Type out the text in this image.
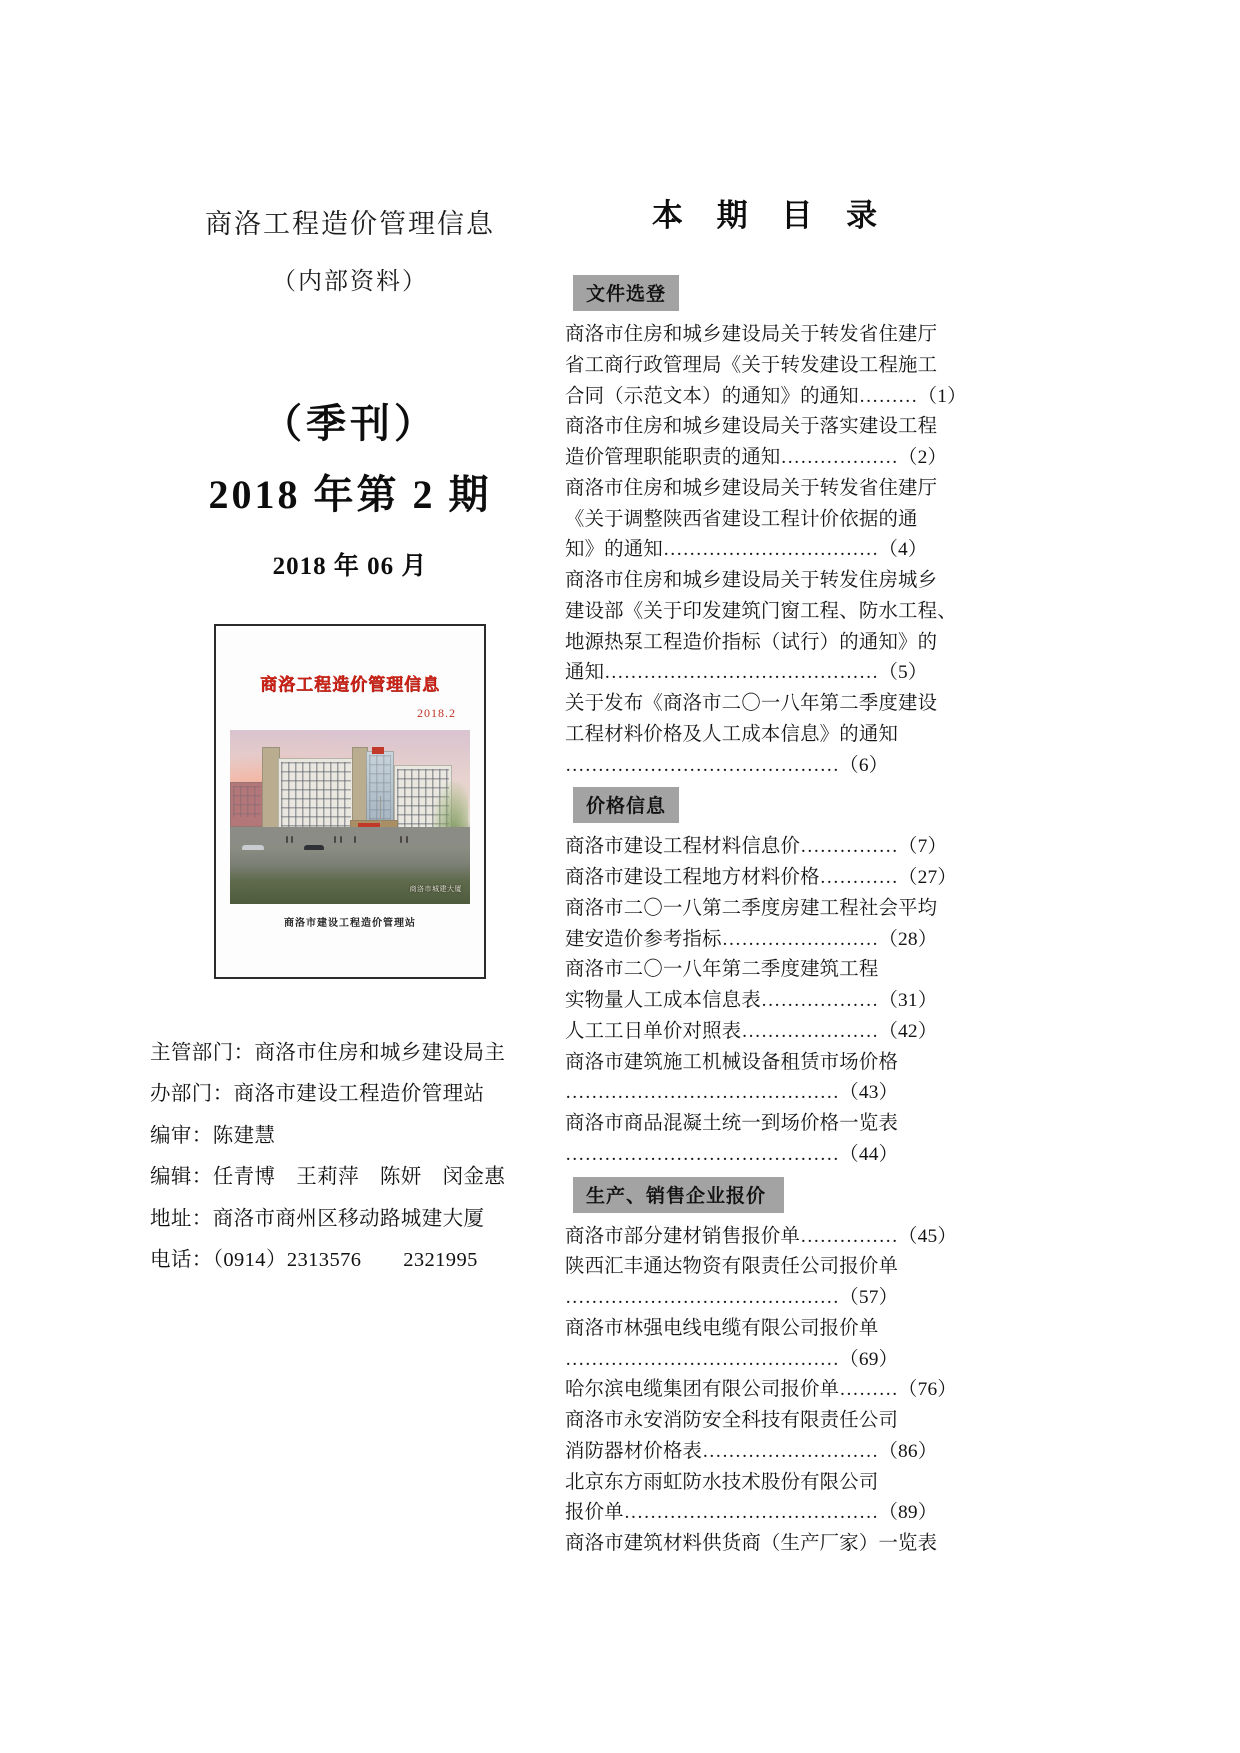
商洛工程造价管理信息
（内部资料）
（季刊）
2018 年第 2 期
2018 年 06 月
商洛工程造价管理信息
2018.2
商洛市城建大厦
商洛市建设工程造价管理站
主管部门：商洛市住房和城乡建设局主
办部门：商洛市建设工程造价管理站
编审：陈建慧
编辑：任青博　王莉萍　陈妍　闵金惠
地址：商洛市商州区移动路城建大厦
电话：（0914）2313576　　2321995
本 期 目 录
文件选登
商洛市住房和城乡建设局关于转发省住建厅
省工商行政管理局《关于转发建设工程施工
合同（示范文本）的通知》的通知………（1）
商洛市住房和城乡建设局关于落实建设工程
造价管理职能职责的通知………………（2）
商洛市住房和城乡建设局关于转发省住建厅
《关于调整陕西省建设工程计价依据的通
知》的通知……………………………（4）
商洛市住房和城乡建设局关于转发住房城乡
建设部《关于印发建筑门窗工程、防水工程、
地源热泵工程造价指标（试行）的通知》的
通知……………………………………（5）
关于发布《商洛市二〇一八年第二季度建设
工程材料价格及人工成本信息》的通知
……………………………………（6）
价格信息
商洛市建设工程材料信息价……………（7）
商洛市建设工程地方材料价格…………（27）
商洛市二〇一八第二季度房建工程社会平均
建安造价参考指标……………………（28）
商洛市二〇一八年第二季度建筑工程
实物量人工成本信息表………………（31）
人工工日单价对照表…………………（42）
商洛市建筑施工机械设备租赁市场价格
……………………………………（43）
商洛市商品混凝土统一到场价格一览表
……………………………………（44）
生产、销售企业报价
商洛市部分建材销售报价单……………（45）
陕西汇丰通达物资有限责任公司报价单
……………………………………（57）
商洛市林强电线电缆有限公司报价单
……………………………………（69）
哈尔滨电缆集团有限公司报价单………（76）
商洛市永安消防安全科技有限责任公司
消防器材价格表………………………（86）
北京东方雨虹防水技术股份有限公司
报价单…………………………………（89）
商洛市建筑材料供货商（生产厂家）一览表
